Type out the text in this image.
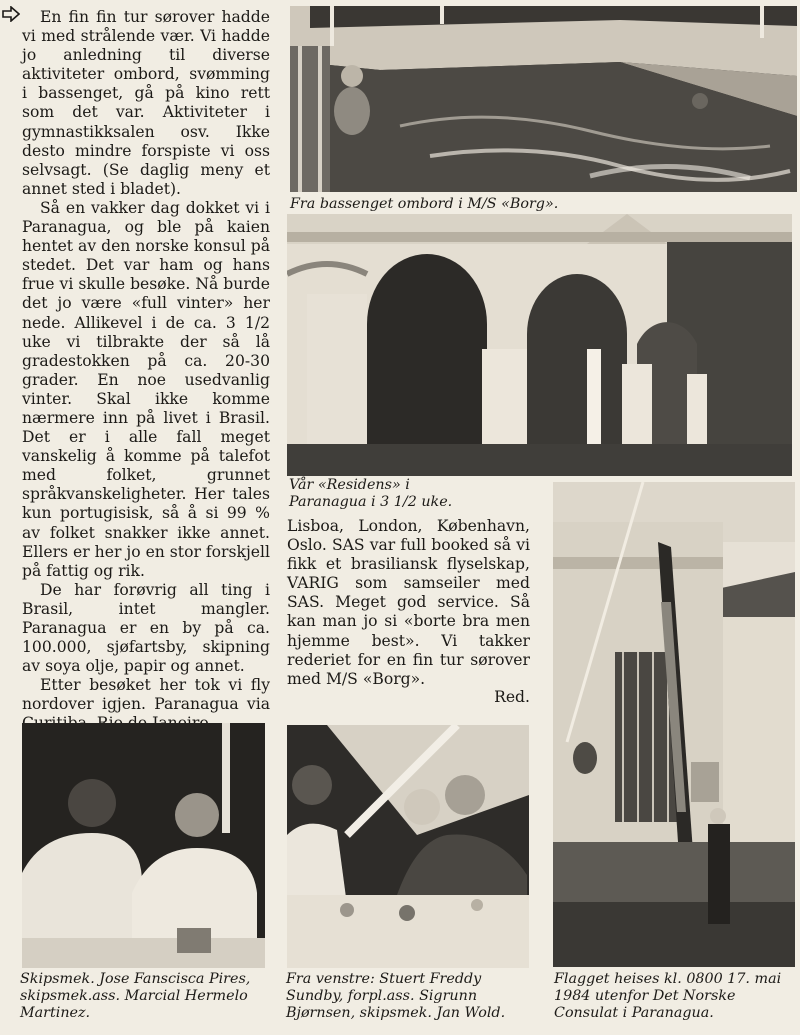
En fin fin tur sørover hadde vi med strålende vær. Vi hadde jo anledning til diverse aktiviteter ombord, svømming i bassenget, gå på kino rett som det var. Aktiviteter i gymnastikksalen osv. Ikke desto mindre forspiste vi oss selvsagt. (Se daglig meny et annet sted i bladet).

Så en vakker dag dokket vi i Paranagua, og ble på kaien hentet av den norske konsul på stedet. Det var ham og hans frue vi skulle besøke. Nå burde det jo være «full vinter» her nede. Allikevel i de ca. 3 1/2 uke vi tilbrakte der så lå gradestokken på ca. 20-30 grader. En noe usedvanlig vinter. Skal ikke komme nærmere inn på livet i Brasil. Det er i alle fall meget vanskelig å komme på talefot med folket, grunnet språkvanskeligheter. Her tales kun portugisisk, så å si 99 % av folket snakker ikke annet. Ellers er her jo en stor forskjell på fattig og rik.

De har forøvrig all ting i Brasil, intet mangler. Paranagua er en by på ca. 100.000, sjøfartsby, skipning av soya olje, papir og annet.

Etter besøket her tok vi fly nordover igjen. Paranagua via

Fra bassenget ombord i M/S «Borg».
Vår «Residens» i Paranagua i 3 1/2 uke.

Lisboa, London, København, Oslo. SAS var full booked så vi fikk et brasiliansk flyselskap, VARIG som samseiler med SAS. Meget god service. Så kan man jo si «borte bra men hjemme best». Vi takker rederiet for en fin tur sørover med M/S «Borg».

Red.
Skipsmek. Jose Fanscisca Pires, skipsmek.ass. Marcial Hermelo Martinez.
Fra venstre: Stuert Freddy Sundby, forpl.ass. Sigrunn Bjørnsen, skipsmek. Jan Wold.
Flagget heises kl. 0800 17. mai 1984 utenfor Det Norske Consulat i Paranagua.
